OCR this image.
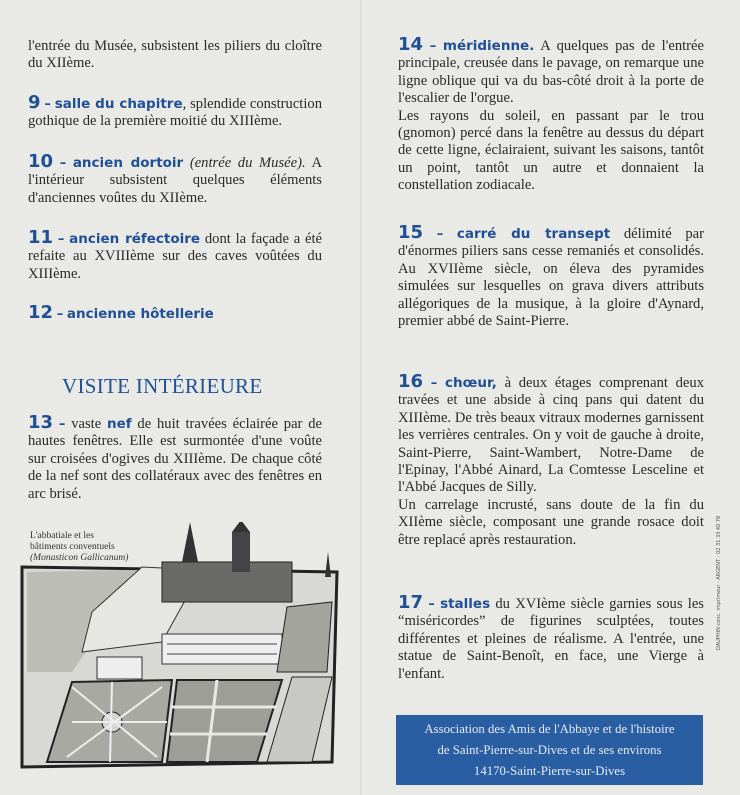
l'entrée du Musée, subsistent les piliers du cloître du XIIème.

9 – salle du chapitre, splendide construction gothique de la première moitié du XIIIème.

10 – ancien dortoir (entrée du Musée). A l'intérieur subsistent quelques éléments d'anciennes voûtes du XIIème.

11 – ancien réfectoire dont la façade a été refaite au XVIIIème sur des caves voûtées du XIIIème.

12 – ancienne hôtellerie

13 – vaste nef de huit travées éclairée par de hautes fenêtres. Elle est surmontée d'une voûte sur croisées d'ogives du XIIIème. De chaque côté de la nef sont des collatéraux avec des fenêtres en arc brisé.

VISITE INTÉRIEURE
L'abbatiale et les
bâtiments conventuels
(Monasticon Gallicanum)

14 – méridienne. A quelques pas de l'entrée principale, creusée dans le pavage, on remarque une ligne oblique qui va du bas-côté droit à la porte de l'escalier de l'orgue.

Les rayons du soleil, en passant par le trou (gnomon) percé dans la fenêtre au dessus du départ de cette ligne, éclairaient, suivant les saisons, tantôt un point, tantôt un autre et donnaient la constellation zodiacale.

15 – carré du transept délimité par d'énormes piliers sans cesse remaniés et consolidés. Au XVIIème siècle, on éleva des pyramides simulées sur lesquelles on grava divers attributs allégoriques de la musique, à la gloire d'Aynard, premier abbé de Saint-Pierre.

16 – chœur, à deux étages comprenant deux travées et une abside à cinq pans qui datent du XIIIème. De très beaux vitraux modernes garnissent les verrières centrales. On y voit de gauche à droite, Saint-Pierre, Saint-Wambert, Notre-Dame de l'Epinay, l'Abbé Ainard, La Comtesse Lesceline et l'Abbé Jacques de Silly.

Un carrelage incrusté, sans doute de la fin du XIIème siècle, composant une grande rosace doit être replacé après restauration.

17 – stalles du XVIème siècle garnies sous les “miséricordes” de figurines sculptées, toutes différentes et pleines de réalisme. A l'entrée, une statue de Saint-Benoît, en face, une Vierge à l'enfant.

Association des Amis de l'Abbaye et de l'histoire
de Saint-Pierre-sur-Dives et de ses environs
14170-Saint-Pierre-sur-Dives
DAUPHIN conc. imprimeur - ARGENT - 02 31 33 40 78
